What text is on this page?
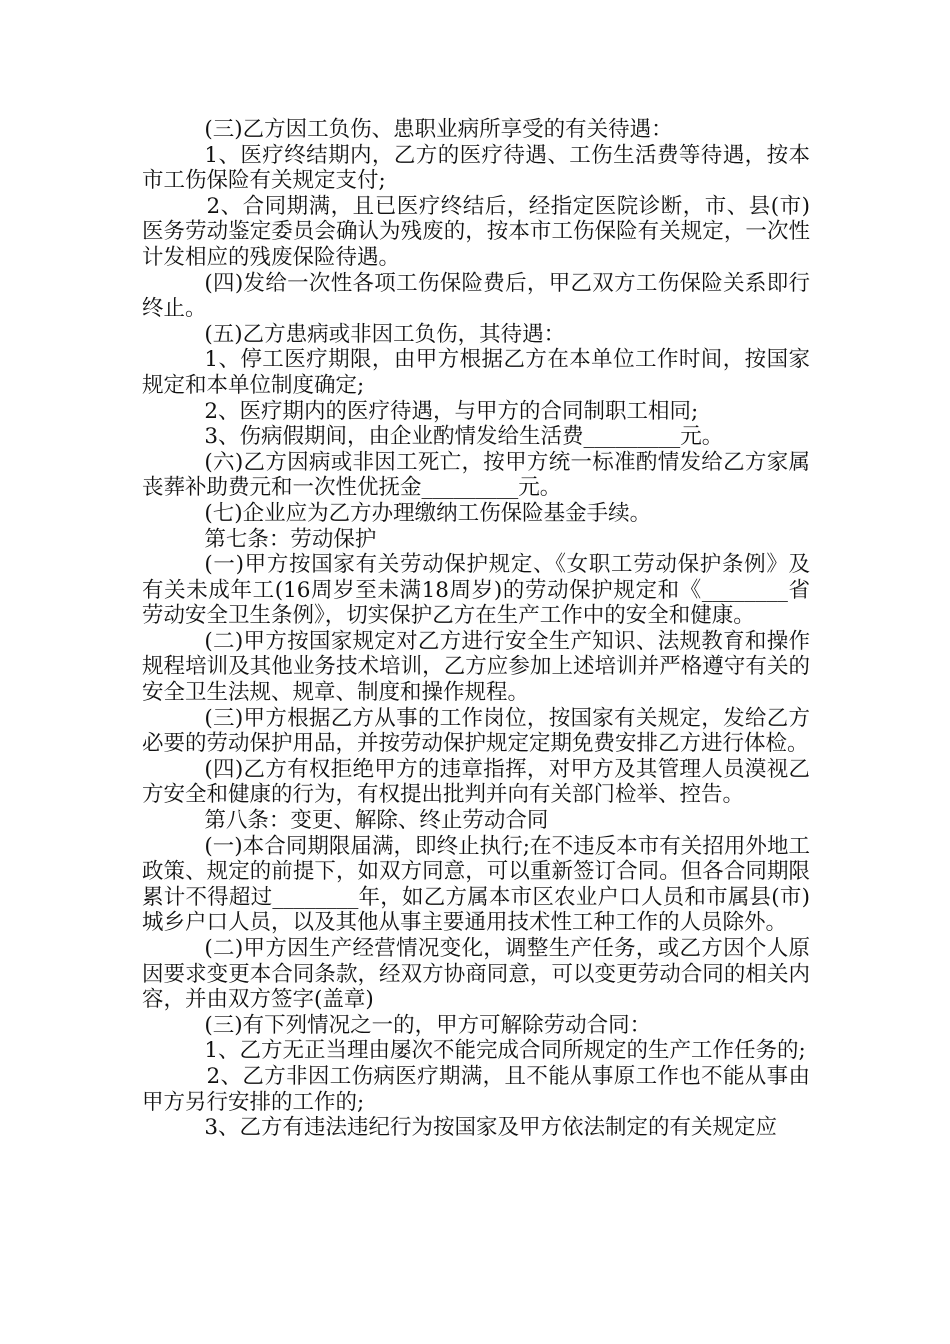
(三)乙方因工负伤、患职业病所享受的有关待遇：

1、医疗终结期内，乙方的医疗待遇、工伤生活费等待遇，按本市工伤保险有关规定支付;

2、合同期满，且已医疗终结后，经指定医院诊断，市、县(市)医务劳动鉴定委员会确认为残废的，按本市工伤保险有关规定，一次性计发相应的残废保险待遇。

(四)发给一次性各项工伤保险费后，甲乙双方工伤保险关系即行终止。

(五)乙方患病或非因工负伤，其待遇：

1、停工医疗期限，由甲方根据乙方在本单位工作时间，按国家规定和本单位制度确定;

2、医疗期内的医疗待遇，与甲方的合同制职工相同;

3、伤病假期间，由企业酌情发给生活费_________元。

(六)乙方因病或非因工死亡，按甲方统一标准酌情发给乙方家属丧葬补助费元和一次性优抚金_________元。

(七)企业应为乙方办理缴纳工伤保险基金手续。

第七条：劳动保护

(一)甲方按国家有关劳动保护规定、《女职工劳动保护条例》及有关未成年工(16周岁至未满18周岁)的劳动保护规定和《________省劳动安全卫生条例》，切实保护乙方在生产工作中的安全和健康。

(二)甲方按国家规定对乙方进行安全生产知识、法规教育和操作规程培训及其他业务技术培训，乙方应参加上述培训并严格遵守有关的安全卫生法规、规章、制度和操作规程。

(三)甲方根据乙方从事的工作岗位，按国家有关规定，发给乙方必要的劳动保护用品，并按劳动保护规定定期免费安排乙方进行体检。

(四)乙方有权拒绝甲方的违章指挥，对甲方及其管理人员漠视乙方安全和健康的行为，有权提出批判并向有关部门检举、控告。

第八条：变更、解除、终止劳动合同

(一)本合同期限届满，即终止执行;在不违反本市有关招用外地工政策、规定的前提下，如双方同意，可以重新签订合同。但各合同期限累计不得超过________年，如乙方属本市区农业户口人员和市属县(市)城乡户口人员，以及其他从事主要通用技术性工种工作的人员除外。

(二)甲方因生产经营情况变化，调整生产任务，或乙方因个人原因要求变更本合同条款，经双方协商同意，可以变更劳动合同的相关内容，并由双方签字(盖章)

(三)有下列情况之一的，甲方可解除劳动合同：

1、乙方无正当理由屡次不能完成合同所规定的生产工作任务的;

2、乙方非因工伤病医疗期满，且不能从事原工作也不能从事由甲方另行安排的工作的;

3、乙方有违法违纪行为按国家及甲方依法制定的有关规定应
